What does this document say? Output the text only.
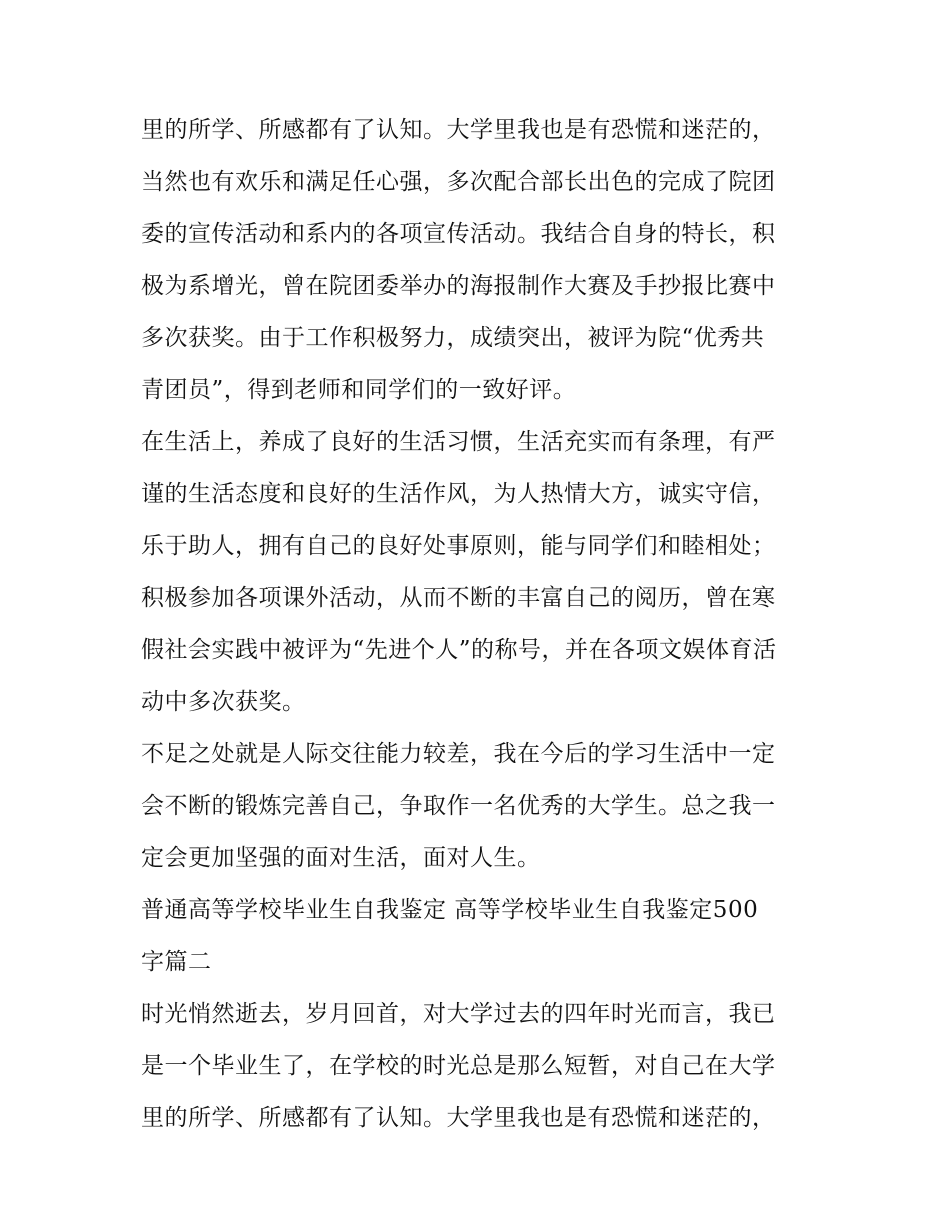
里的所学、所感都有了认知。大学里我也是有恐慌和迷茫的，
当然也有欢乐和满足任心强，多次配合部长出色的完成了院团
委的宣传活动和系内的各项宣传活动。我结合自身的特长，积
极为系增光，曾在院团委举办的海报制作大赛及手抄报比赛中
多次获奖。由于工作积极努力，成绩突出，被评为院“优秀共
青团员”，得到老师和同学们的一致好评。
在生活上，养成了良好的生活习惯，生活充实而有条理，有严
谨的生活态度和良好的生活作风，为人热情大方，诚实守信，
乐于助人，拥有自己的良好处事原则，能与同学们和睦相处；
积极参加各项课外活动，从而不断的丰富自己的阅历，曾在寒
假社会实践中被评为“先进个人”的称号，并在各项文娱体育活
动中多次获奖。
不足之处就是人际交往能力较差，我在今后的学习生活中一定
会不断的锻炼完善自己，争取作一名优秀的大学生。总之我一
定会更加坚强的面对生活，面对人生。
普通高等学校毕业生自我鉴定 高等学校毕业生自我鉴定500
字篇二
时光悄然逝去，岁月回首，对大学过去的四年时光而言，我已
是一个毕业生了，在学校的时光总是那么短暂，对自己在大学
里的所学、所感都有了认知。大学里我也是有恐慌和迷茫的，
